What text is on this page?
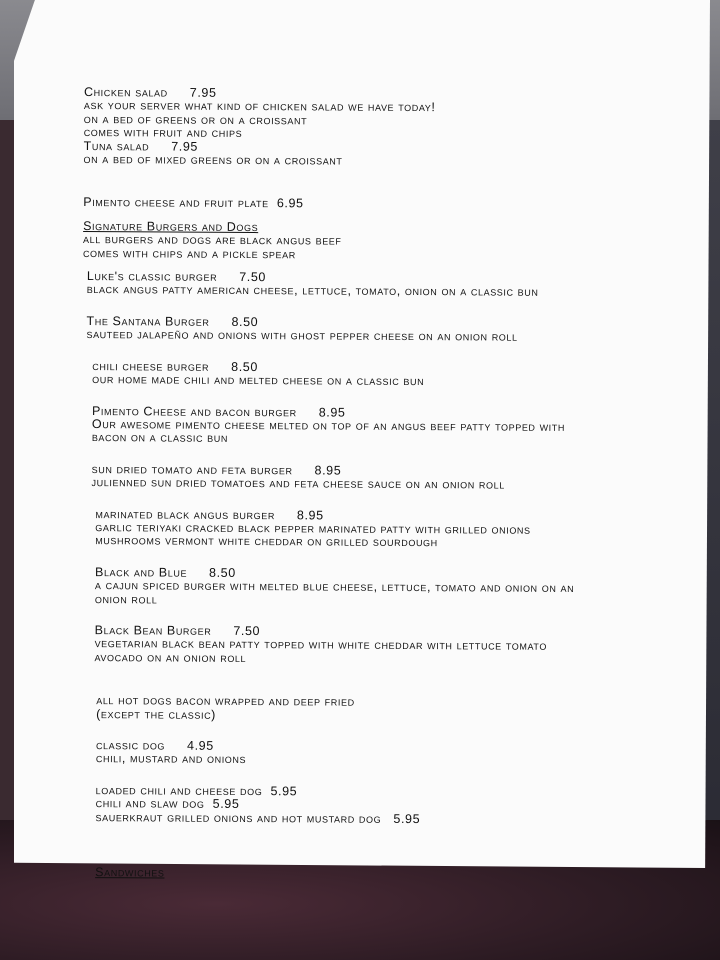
Chicken salad 7.95
ask your server what kind of chicken salad we have today!
on a bed of greens or on a croissant
comes with fruit and chips
Tuna salad 7.95
on a bed of mixed greens or on a croissant
Pimento cheese and fruit plate 6.95
Signature Burgers and Dogs
all burgers and dogs are black angus beef
comes with chips and a pickle spear
Luke's classic burger 7.50
black angus patty american cheese, lettuce, tomato, onion on a classic bun
The Santana Burger 8.50
sauteed jalapeño and onions with ghost pepper cheese on an onion roll
chili cheese burger 8.50
our home made chili and melted cheese on a classic bun
Pimento Cheese and bacon burger 8.95
Our awesome pimento cheese melted on top of an angus beef patty topped with
bacon on a classic bun
sun dried tomato and feta burger 8.95
julienned sun dried tomatoes and feta cheese sauce on an onion roll
marinated black angus burger 8.95
garlic teriyaki cracked black pepper marinated patty with grilled onions
mushrooms vermont white cheddar on grilled sourdough
Black and Blue 8.50
a cajun spiced burger with melted blue cheese, lettuce, tomato and onion on an
onion roll
Black Bean Burger 7.50
vegetarian black bean patty topped with white cheddar with lettuce tomato
avocado on an onion roll
all hot dogs bacon wrapped and deep fried
(except the classic)
classic dog 4.95
chili, mustard and onions
loaded chili and cheese dog 5.95
chili and slaw dog 5.95
sauerkraut grilled onions and hot mustard dog 5.95
Sandwiches
